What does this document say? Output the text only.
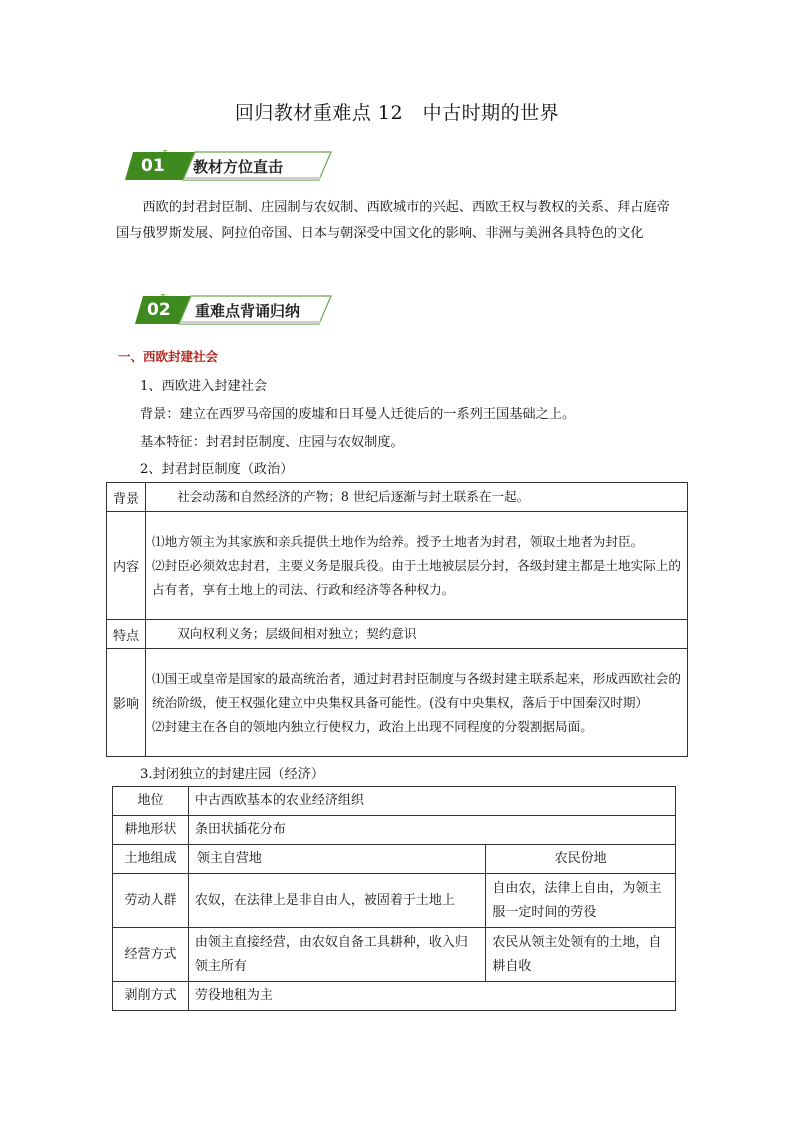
回归教材重难点 12　中古时期的世界
01 教材方位直击
　　西欧的封君封臣制、庄园制与农奴制、西欧城市的兴起、西欧王权与教权的关系、拜占庭帝国与俄罗斯发展、阿拉伯帝国、日本与朝深受中国文化的影响、非洲与美洲各具特色的文化
02 重难点背诵归纳
一、西欧封建社会
1、西欧进入封建社会
背景：建立在西罗马帝国的废墟和日耳曼人迁徙后的一系列王国基础之上。
基本特征：封君封臣制度、庄园与农奴制度。
2、封君封臣制度（政治）
背景	　　社会动荡和自然经济的产物；8 世纪后逐渐与封土联系在一起。

内容	⑴地方领主为其家族和亲兵提供土地作为给养。授予土地者为封君，领取土地者为封臣。
⑵封臣必须效忠封君，主要义务是服兵役。由于土地被层层分封，各级封建主都是土地实际上的占有者，享有土地上的司法、行政和经济等各种权力。

特点	　　双向权利义务；层级间相对独立；契约意识

影响	⑴国王或皇帝是国家的最高统治者，通过封君封臣制度与各级封建主联系起来，形成西欧社会的统治阶级，使王权强化建立中央集权具备可能性。(没有中央集权，落后于中国秦汉时期）
⑵封建主在各自的领地内独立行使权力，政治上出现不同程度的分裂割据局面。
3.封闭独立的封建庄园（经济）
地位	中古西欧基本的农业经济组织	
耕地形状	条田状插花分布	
土地组成	领主自营地	农民份地
劳动人群	农奴，在法律上是非自由人，被固着于土地上	自由农，法律上自由，为领主服一定时间的劳役
经营方式	由领主直接经营，由农奴自备工具耕种，收入归领主所有	农民从领主处领有的土地，自耕自收
剥削方式	劳役地租为主	
